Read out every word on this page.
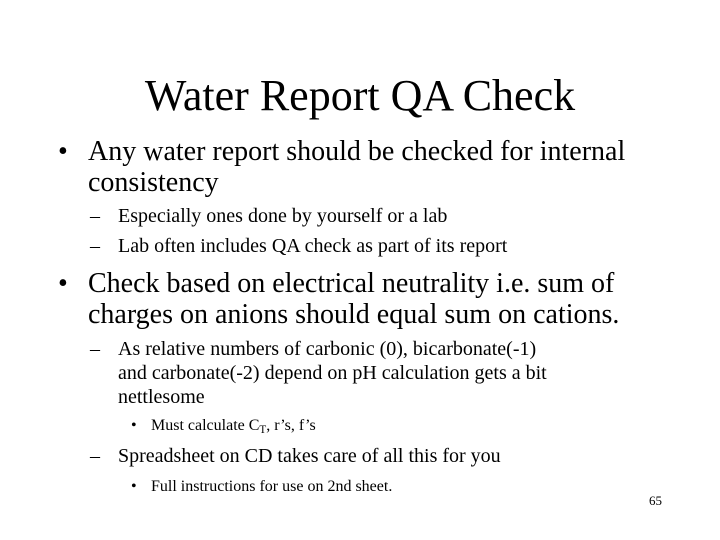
Water Report QA Check
• Any water report should be checked for internal
consistency
– Especially ones done by yourself or a lab
– Lab often includes QA check as part of its report
• Check based on electrical neutrality i.e. sum of
charges on anions should equal sum on cations.
– As relative numbers of carbonic (0), bicarbonate(-1)
and carbonate(-2) depend on pH calculation gets a bit
nettlesome
• Must calculate $C_T$, r’s, f’s
– Spreadsheet on CD takes care of all this for you
• Full instructions for use on 2nd sheet.
65
